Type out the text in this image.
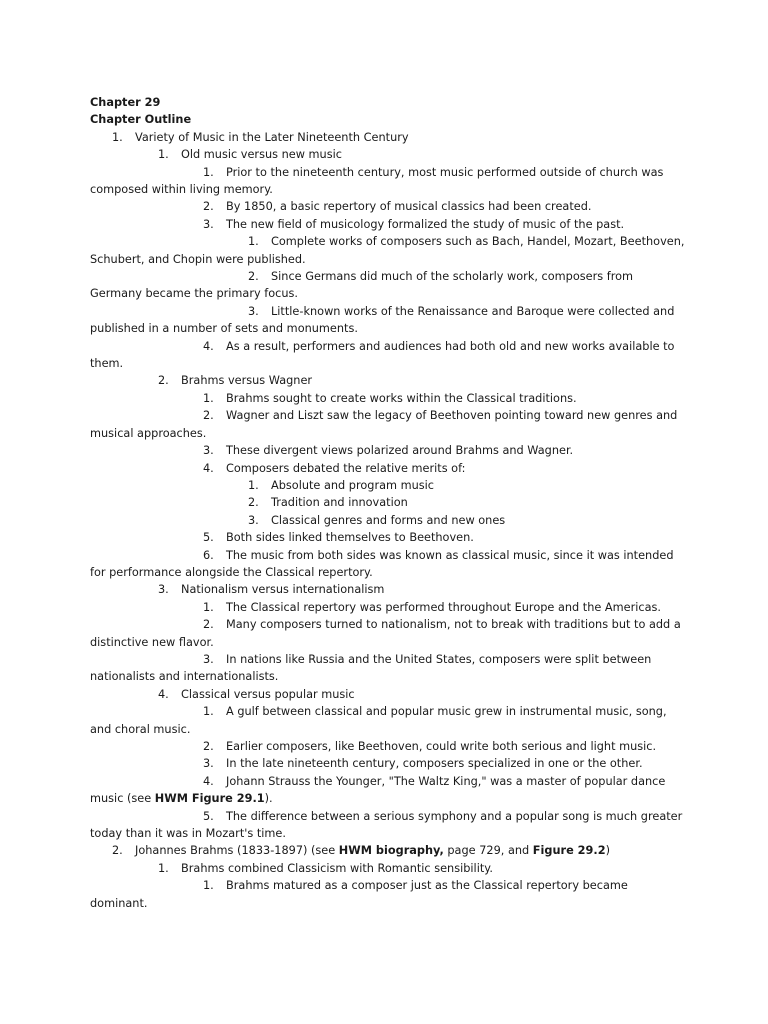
Chapter 29
Chapter Outline
1. Variety of Music in the Later Nineteenth Century
1. Old music versus new music
1. Prior to the nineteenth century, most music performed outside of church was composed within living memory.
2. By 1850, a basic repertory of musical classics had been created.
3. The new field of musicology formalized the study of music of the past.
1. Complete works of composers such as Bach, Handel, Mozart, Beethoven, Schubert, and Chopin were published.
2. Since Germans did much of the scholarly work, composers from Germany became the primary focus.
3. Little-known works of the Renaissance and Baroque were collected and published in a number of sets and monuments.
4. As a result, performers and audiences had both old and new works available to them.
2. Brahms versus Wagner
1. Brahms sought to create works within the Classical traditions.
2. Wagner and Liszt saw the legacy of Beethoven pointing toward new genres and musical approaches.
3. These divergent views polarized around Brahms and Wagner.
4. Composers debated the relative merits of:
1. Absolute and program music
2. Tradition and innovation
3. Classical genres and forms and new ones
5. Both sides linked themselves to Beethoven.
6. The music from both sides was known as classical music, since it was intended for performance alongside the Classical repertory.
3. Nationalism versus internationalism
1. The Classical repertory was performed throughout Europe and the Americas.
2. Many composers turned to nationalism, not to break with traditions but to add a distinctive new flavor.
3. In nations like Russia and the United States, composers were split between nationalists and internationalists.
4. Classical versus popular music
1. A gulf between classical and popular music grew in instrumental music, song, and choral music.
2. Earlier composers, like Beethoven, could write both serious and light music.
3. In the late nineteenth century, composers specialized in one or the other.
4. Johann Strauss the Younger, "The Waltz King," was a master of popular dance music (see HWM Figure 29.1).
5. The difference between a serious symphony and a popular song is much greater today than it was in Mozart's time.
2. Johannes Brahms (1833-1897) (see HWM biography, page 729, and Figure 29.2)
1. Brahms combined Classicism with Romantic sensibility.
1. Brahms matured as a composer just as the Classical repertory became dominant.
